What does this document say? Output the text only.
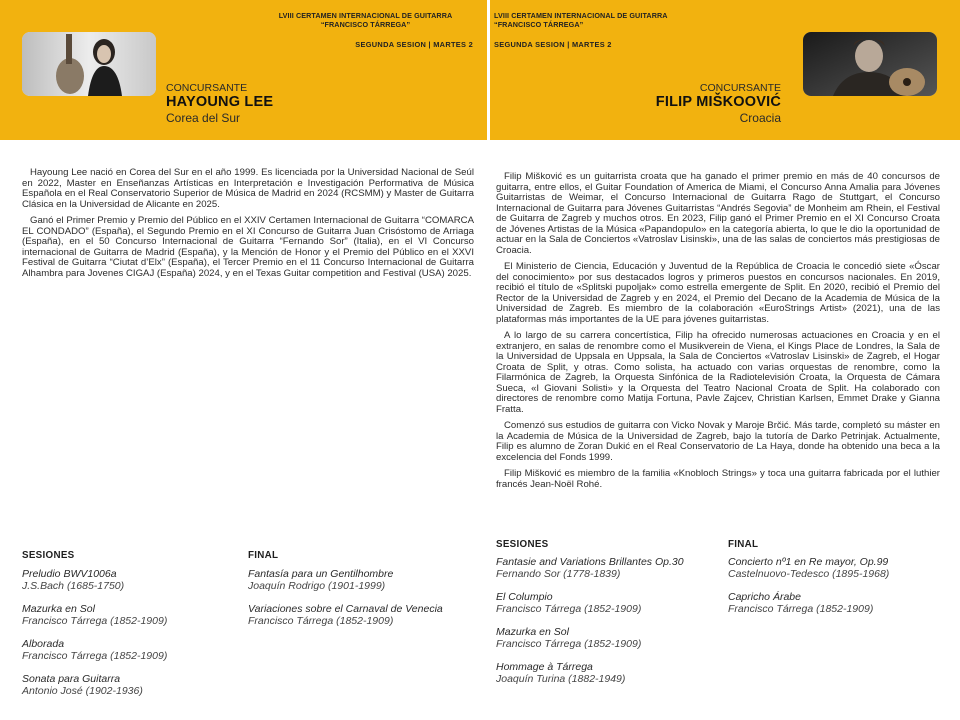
LVIII CERTAMEN INTERNACIONAL DE GUITARRA
“FRANCISCO TÁRREGA”
SEGUNDA SESION | MARTES 2
CONCURSANTE
HAYOUNG LEE
Corea del Sur

Hayoung Lee nació en Corea del Sur en el año 1999. Es licenciada por la Universidad Nacional de Seúl en 2022, Master en Enseñanzas Artísticas en Interpretación e Investigación Performativa de Música Española en el Real Conservatorio Superior de Música de Madrid en 2024 (RCSMM) y Master de Guitarra Clásica en la Universidad de Alicante en 2025.

Ganó el Primer Premio y Premio del Público en el XXIV Certamen Internacional de Guitarra “COMARCA EL CONDADO” (España), el Segundo Premio en el XI Concurso de Guitarra Juan Crisóstomo de Arriaga (España), en el 50 Concurso Internacional de Guitarra “Fernando Sor” (Italia), en el VI Concurso internacional de Guitarra de Madrid (España), y la Mención de Honor y el Premio del Público en el XXVI Festival de Guitarra “Ciutat d’Elx” (España), el Tercer Premio en el 11 Concurso Internacional de Guitarra Alhambra para Jovenes CIGAJ (España) 2024, y en el Texas Guitar competition and Festival (USA) 2025.

SESIONES	FINAL
Preludio BWV1006a
J.S.Bach (1685-1750)
Mazurka en Sol
Francisco Tárrega (1852-1909)
Alborada
Francisco Tárrega (1852-1909)
Sonata para Guitarra
Antonio José (1902-1936)
Fantasía para un Gentilhombre
Joaquín Rodrigo (1901-1999)
Variaciones sobre el Carnaval de Venecia
Francisco Tárrega (1852-1909)
LVIII CERTAMEN INTERNACIONAL DE GUITARRA
“FRANCISCO TÁRREGA”
SEGUNDA SESION | MARTES 2
CONCURSANTE
FILIP MIŠKOOVIĆ
Croacia

Filip Mišković es un guitarrista croata que ha ganado el primer premio en más de 40 concursos de guitarra, entre ellos, el Guitar Foundation of America de Miami, el Concurso Anna Amalia para Jóvenes Guitarristas de Weimar, el Concurso Internacional de Guitarra Rago de Stuttgart, el Concurso Internacional de Guitarra para Jóvenes Guitarristas “Andrés Segovia” de Monheim am Rhein, el Festival de Guitarra de Zagreb y muchos otros. En 2023, Filip ganó el Primer Premio en el XI Concurso Croata de Jóvenes Artistas de la Música «Papandopulo» en la categoría abierta, lo que le dio la oportunidad de actuar en la Sala de Conciertos «Vatroslav Lisinski», una de las salas de conciertos más prestigiosas de Croacia.

El Ministerio de Ciencia, Educación y Juventud de la República de Croacia le concedió siete «Óscar del conocimiento» por sus destacados logros y primeros puestos en concursos nacionales. En 2019, recibió el título de «Splitski pupoljak» como estrella emergente de Split. En 2020, recibió el Premio del Rector de la Universidad de Zagreb y en 2024, el Premio del Decano de la Academia de Música de la Universidad de Zagreb. Es miembro de la colaboración «EuroStrings Artist» (2021), una de las plataformas más importantes de la UE para jóvenes guitarristas.

A lo largo de su carrera concertística, Filip ha ofrecido numerosas actuaciones en Croacia y en el extranjero, en salas de renombre como el Musikverein de Viena, el Kings Place de Londres, la Sala de la Universidad de Uppsala en Uppsala, la Sala de Conciertos «Vatroslav Lisinski» de Zagreb, el Hogar Croata de Split, y otras. Como solista, ha actuado con varias orquestas de renombre, como la Filarmónica de Zagreb, la Orquesta Sinfónica de la Radiotelevisión Croata, la Orquesta de Cámara Sueca, «I Giovani Solisti» y la Orquesta del Teatro Nacional Croata de Split. Ha colaborado con directores de renombre como Matija Fortuna, Pavle Zajcev, Christian Karlsen, Emmet Drake y Gianna Fratta.

Comenzó sus estudios de guitarra con Vicko Novak y Maroje Brčić. Más tarde, completó su máster en la Academia de Música de la Universidad de Zagreb, bajo la tutoría de Darko Petrinjak. Actualmente, Filip es alumno de Zoran Dukić en el Real Conservatorio de La Haya, donde ha obtenido una beca a la excelencia del Fonds 1999.

Filip Mišković es miembro de la familia «Knobloch Strings» y toca una guitarra fabricada por el luthier francés Jean-Noël Rohé.

SESIONES	FINAL
Fantasie and Variations Brillantes Op.30
Fernando Sor (1778-1839)
El Columpio
Francisco Tárrega (1852-1909)
Mazurka en Sol
Francisco Tárrega (1852-1909)
Hommage à Tárrega
Joaquín Turina (1882-1949)
Concierto nº1 en Re mayor, Op.99
Castelnuovo-Tedesco (1895-1968)
Capricho Árabe
Francisco Tárrega (1852-1909)
